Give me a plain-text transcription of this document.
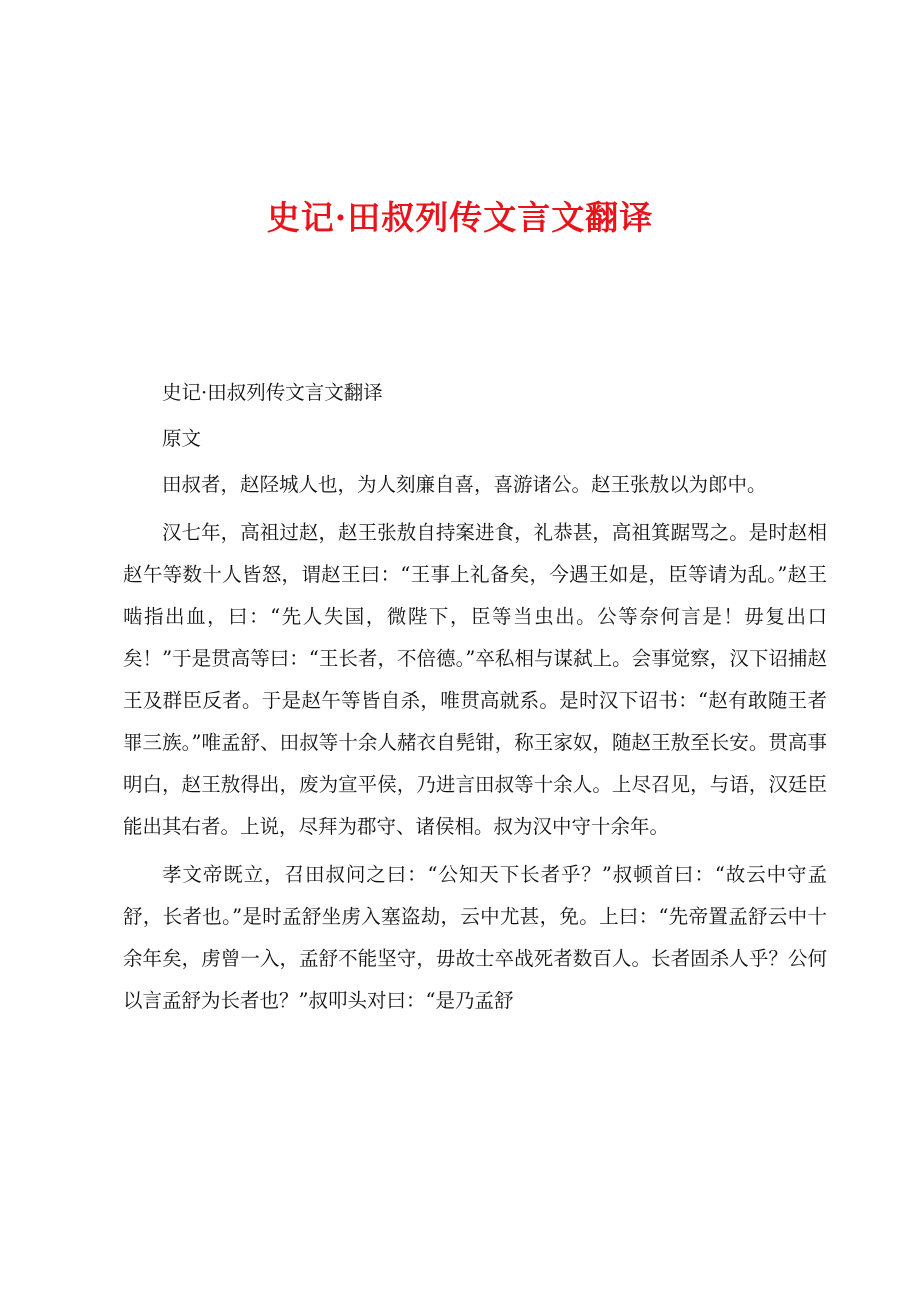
史记·田叔列传文言文翻译

史记·田叔列传文言文翻译

原文

田叔者，赵陉城人也，为人刻廉自喜，喜游诸公。赵王张敖以为郎中。

汉七年，高祖过赵，赵王张敖自持案进食，礼恭甚，高祖箕踞骂之。是时赵相赵午等数十人皆怒，谓赵王曰：“王事上礼备矣，今遇王如是，臣等请为乱。”赵王啮指出血，曰：“先人失国，微陛下，臣等当虫出。公等奈何言是！毋复出口矣！”于是贯高等曰：“王长者，不倍德。”卒私相与谋弑上。会事觉察，汉下诏捕赵王及群臣反者。于是赵午等皆自杀，唯贯高就系。是时汉下诏书：“赵有敢随王者罪三族。”唯孟舒、田叔等十余人赭衣自髡钳，称王家奴，随赵王敖至长安。贯高事明白，赵王敖得出，废为宣平侯，乃进言田叔等十余人。上尽召见，与语，汉廷臣能出其右者。上说，尽拜为郡守、诸侯相。叔为汉中守十余年。

孝文帝既立，召田叔问之曰：“公知天下长者乎？”叔顿首曰：“故云中守孟舒，长者也。”是时孟舒坐虏入塞盗劫，云中尤甚，免。上曰：“先帝置孟舒云中十余年矣，虏曾一入，孟舒不能坚守，毋故士卒战死者数百人。长者固杀人乎？公何以言孟舒为长者也？”叔叩头对曰：“是乃孟舒
